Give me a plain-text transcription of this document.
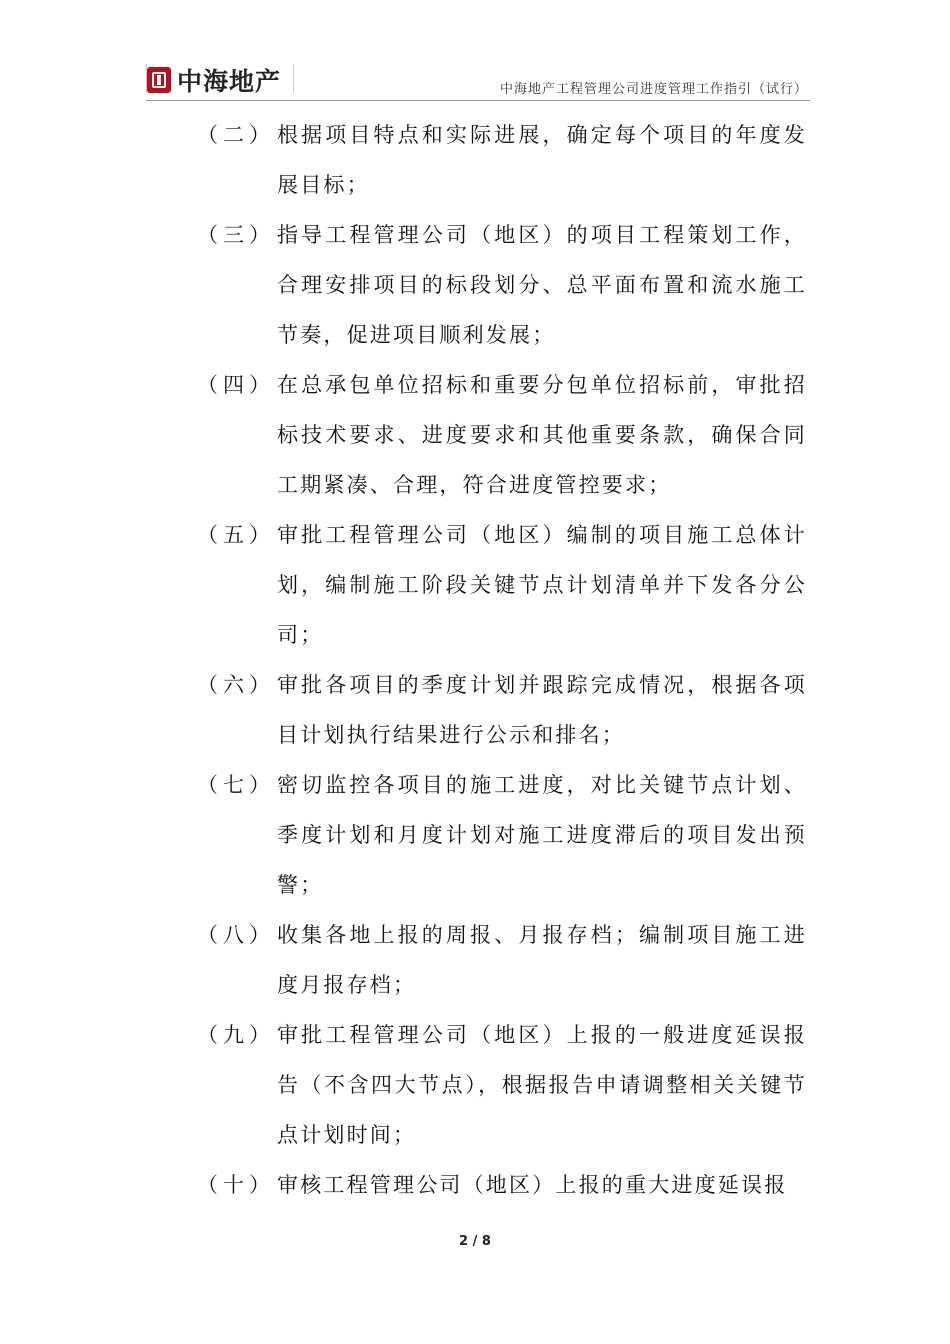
中海地产	中海地产工程管理公司进度管理工作指引（试行）
（二） 根据项目特点和实际进展，确定每个项目的年度发展目标；
（三） 指导工程管理公司（地区）的项目工程策划工作，合理安排项目的标段划分、总平面布置和流水施工节奏，促进项目顺利发展；
（四） 在总承包单位招标和重要分包单位招标前，审批招标技术要求、进度要求和其他重要条款，确保合同工期紧凑、合理，符合进度管控要求；
（五） 审批工程管理公司（地区）编制的项目施工总体计划，编制施工阶段关键节点计划清单并下发各分公司；
（六） 审批各项目的季度计划并跟踪完成情况，根据各项目计划执行结果进行公示和排名；
（七） 密切监控各项目的施工进度，对比关键节点计划、季度计划和月度计划对施工进度滞后的项目发出预警；
（八） 收集各地上报的周报、月报存档；编制项目施工进度月报存档；
（九） 审批工程管理公司（地区）上报的一般进度延误报告（不含四大节点），根据报告申请调整相关关键节点计划时间；
（十） 审核工程管理公司（地区）上报的重大进度延误报
2 / 8
